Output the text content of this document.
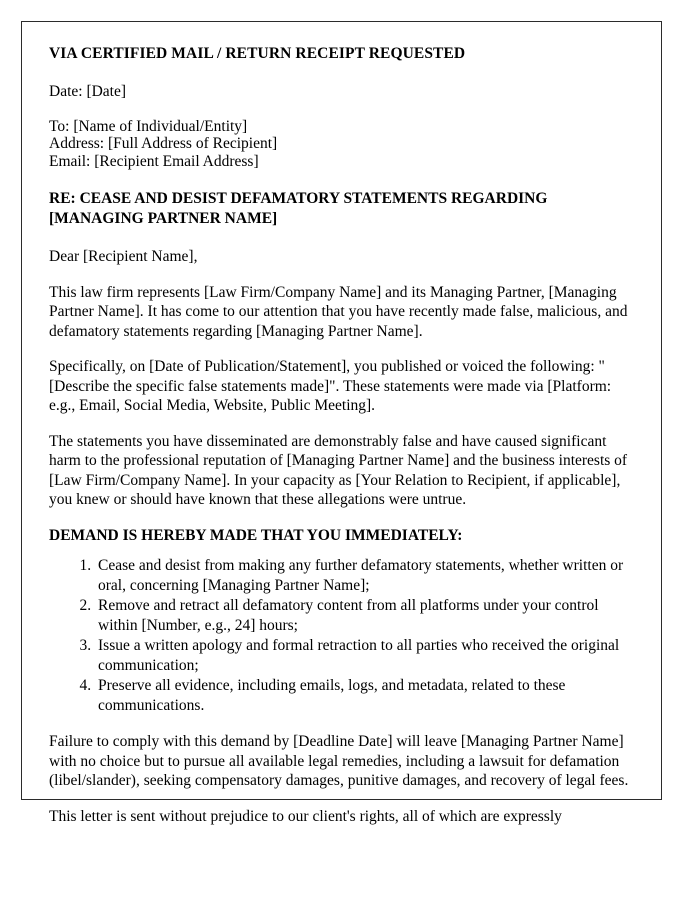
VIA CERTIFIED MAIL / RETURN RECEIPT REQUESTED

Date: [Date]

To: [Name of Individual/Entity]

Address: [Full Address of Recipient]

Email: [Recipient Email Address]

RE: CEASE AND DESIST DEFAMATORY STATEMENTS REGARDING
[MANAGING PARTNER NAME]

Dear [Recipient Name],

This law firm represents [Law Firm/Company Name] and its Managing Partner, [Managing Partner Name]. It has come to our attention that you have recently made false, malicious, and defamatory statements regarding [Managing Partner Name].

Specifically, on [Date of Publication/Statement], you published or voiced the following: "[Describe the specific false statements made]". These statements were made via [Platform: e.g., Email, Social Media, Website, Public Meeting].

The statements you have disseminated are demonstrably false and have caused significant harm to the professional reputation of [Managing Partner Name] and the business interests of [Law Firm/Company Name]. In your capacity as [Your Relation to Recipient, if applicable], you knew or should have known that these allegations were untrue.

DEMAND IS HEREBY MADE THAT YOU IMMEDIATELY:
1. Cease and desist from making any further defamatory statements, whether written or oral, concerning [Managing Partner Name];
2. Remove and retract all defamatory content from all platforms under your control within [Number, e.g., 24] hours;
3. Issue a written apology and formal retraction to all parties who received the original communication;
4. Preserve all evidence, including emails, logs, and metadata, related to these communications.

Failure to comply with this demand by [Deadline Date] will leave [Managing Partner Name] with no choice but to pursue all available legal remedies, including a lawsuit for defamation (libel/slander), seeking compensatory damages, punitive damages, and recovery of legal fees.

This letter is sent without prejudice to our client's rights, all of which are expressly
